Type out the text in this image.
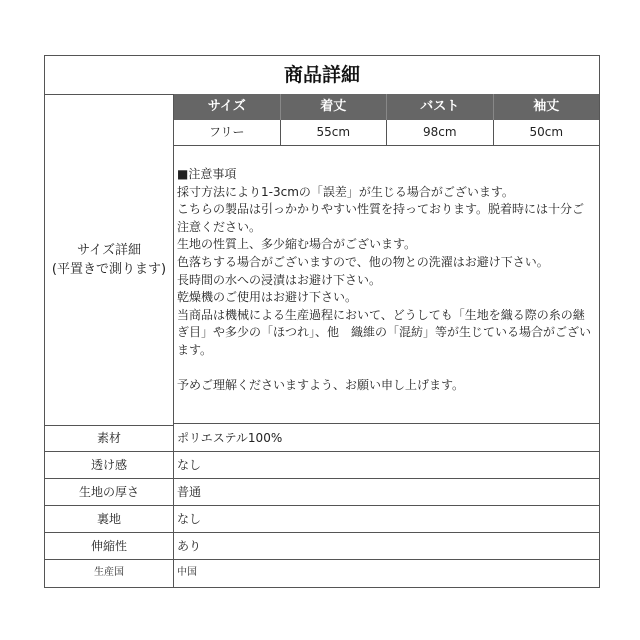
商品詳細
サイズ詳細
(平置きで測ります)
サイズ	着丈	バスト	袖丈
フリー	55cm	98cm	50cm

■注意事項

採寸方法により1-3cmの「誤差」が生じる場合がございます。

こちらの製品は引っかかりやすい性質を持っております。脱着時には十分ご注意ください。

生地の性質上、多少縮む場合がございます。

色落ちする場合がございますので、他の物との洗濯はお避け下さい。

長時間の水への浸漬はお避け下さい。

乾燥機のご使用はお避け下さい。

当商品は機械による生産過程において、どうしても「生地を織る際の糸の継ぎ目」や多少の「ほつれ」、他　織維の「混紡」等が生じている場合がございます。

予めご理解くださいますよう、お願い申し上げます。

素材	ポリエステル100%
透け感	なし
生地の厚さ	普通
裏地	なし
伸縮性	あり
生産国	中国
